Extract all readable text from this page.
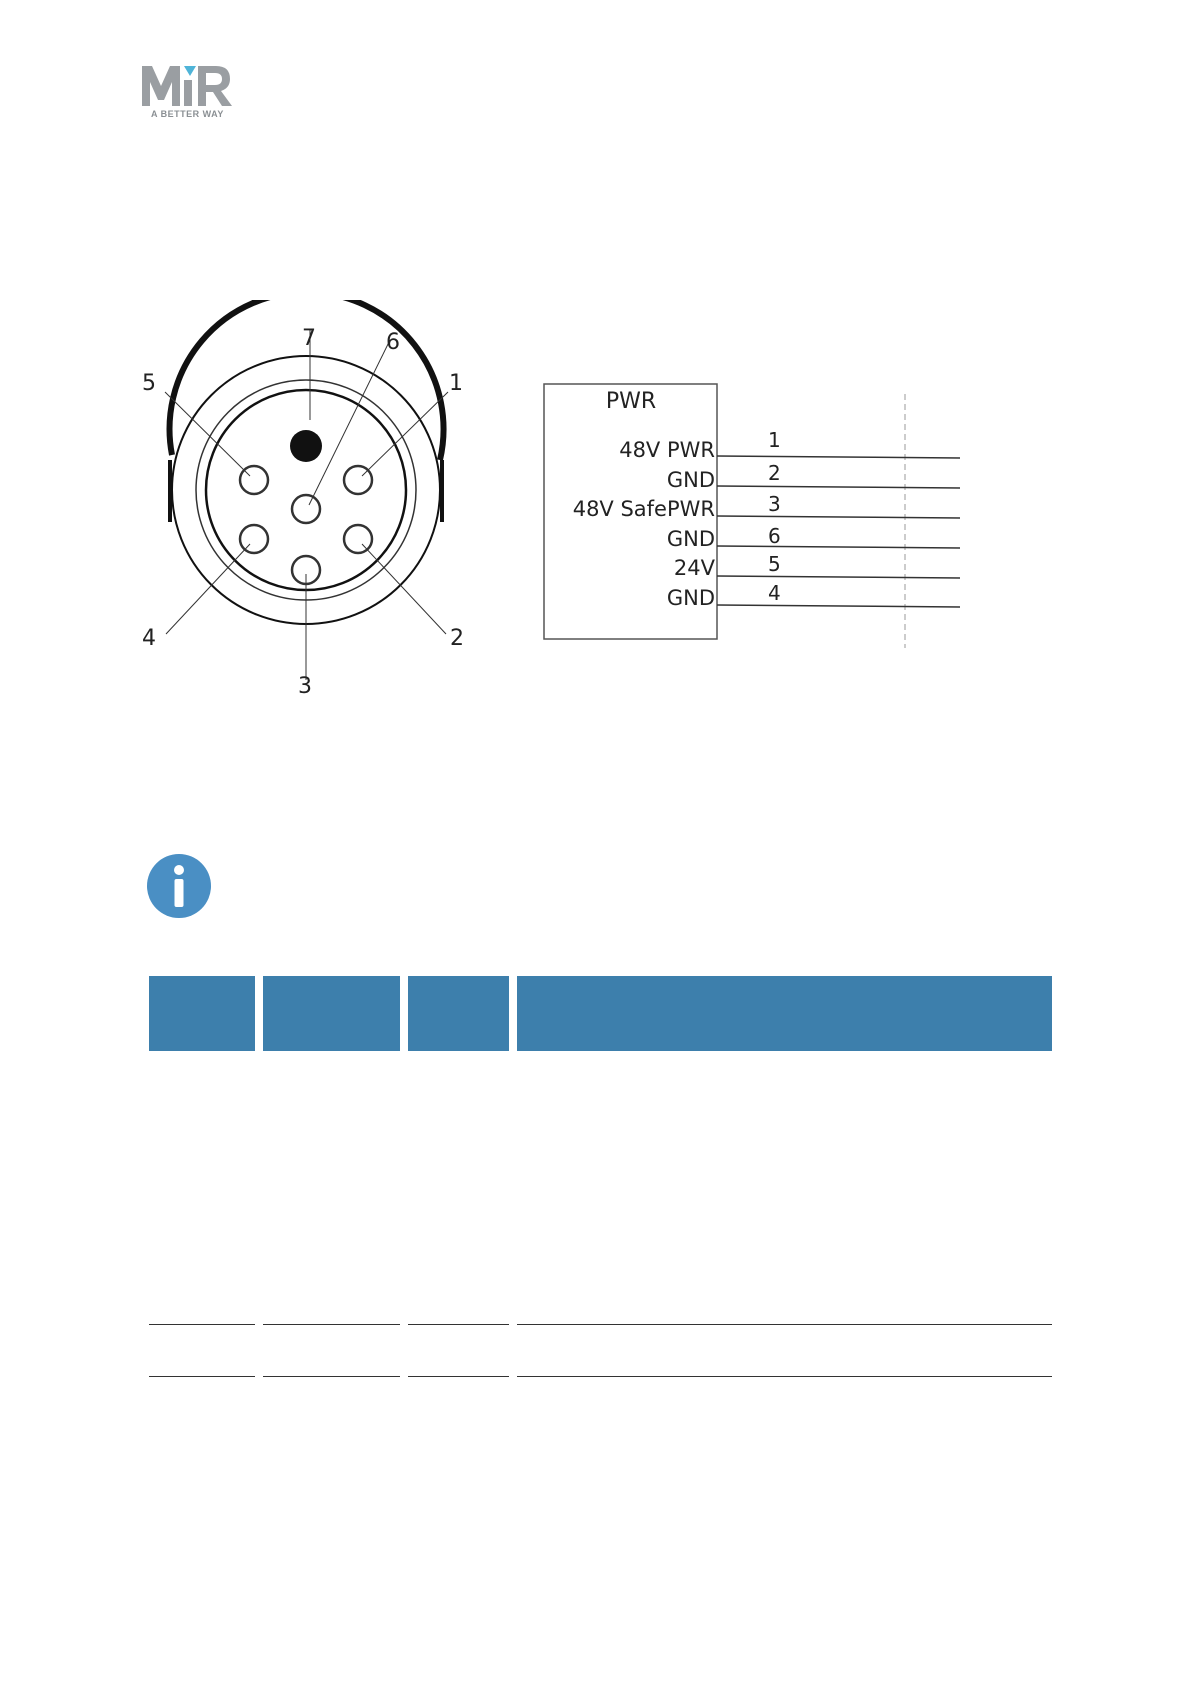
A BETTER WAY
1
2
3
4
5
6
7
PWR
48V PWR
GND
48V SafePWR
GND
24V
GND
1
2
3
6
5
4
